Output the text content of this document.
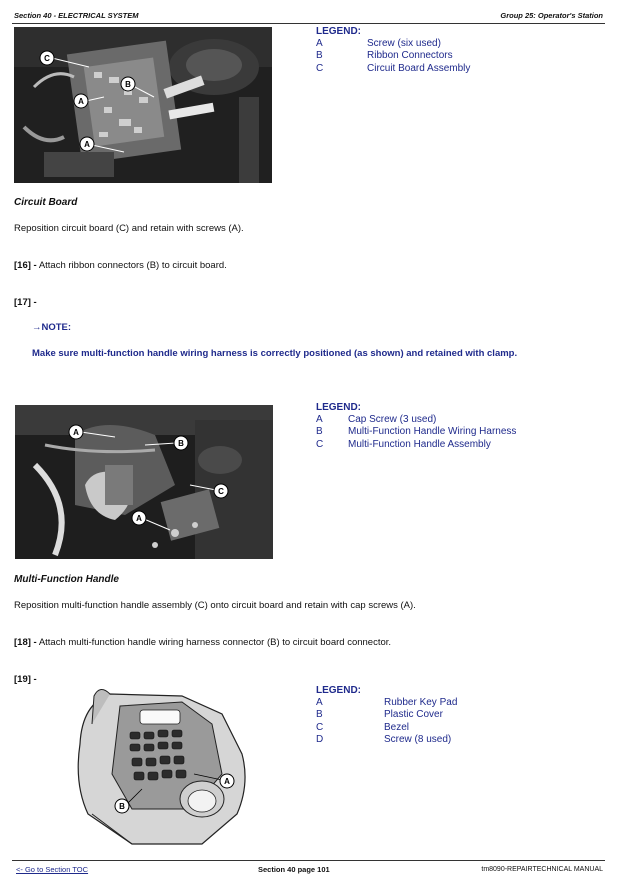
Section 40 - ELECTRICAL SYSTEM	Group 25: Operator's Station
C
B
A
A
LEGEND:
A	Screw (six used)
B	Ribbon Connectors
C	Circuit Board Assembly
Circuit Board
Reposition circuit board (C) and retain with screws (A).
[16] - Attach ribbon connectors (B) to circuit board.
[17] -
→NOTE:
Make sure multi-function handle wiring harness is correctly positioned (as shown) and retained with clamp.
A
B
C
A
LEGEND:
A	Cap Screw (3 used)
B	Multi-Function Handle Wiring Harness
C	Multi-Function Handle Assembly
Multi-Function Handle
Reposition multi-function handle assembly (C) onto circuit board and retain with cap screws (A).
[18] - Attach multi-function handle wiring harness connector (B) to circuit board connector.
[19] -
A
B
LEGEND:
A	Rubber Key Pad
B	Plastic Cover
C	Bezel
D	Screw (8 used)
<- Go to Section TOC	Section 40 page 101	tm8090-REPAIRTECHNICAL MANUAL
